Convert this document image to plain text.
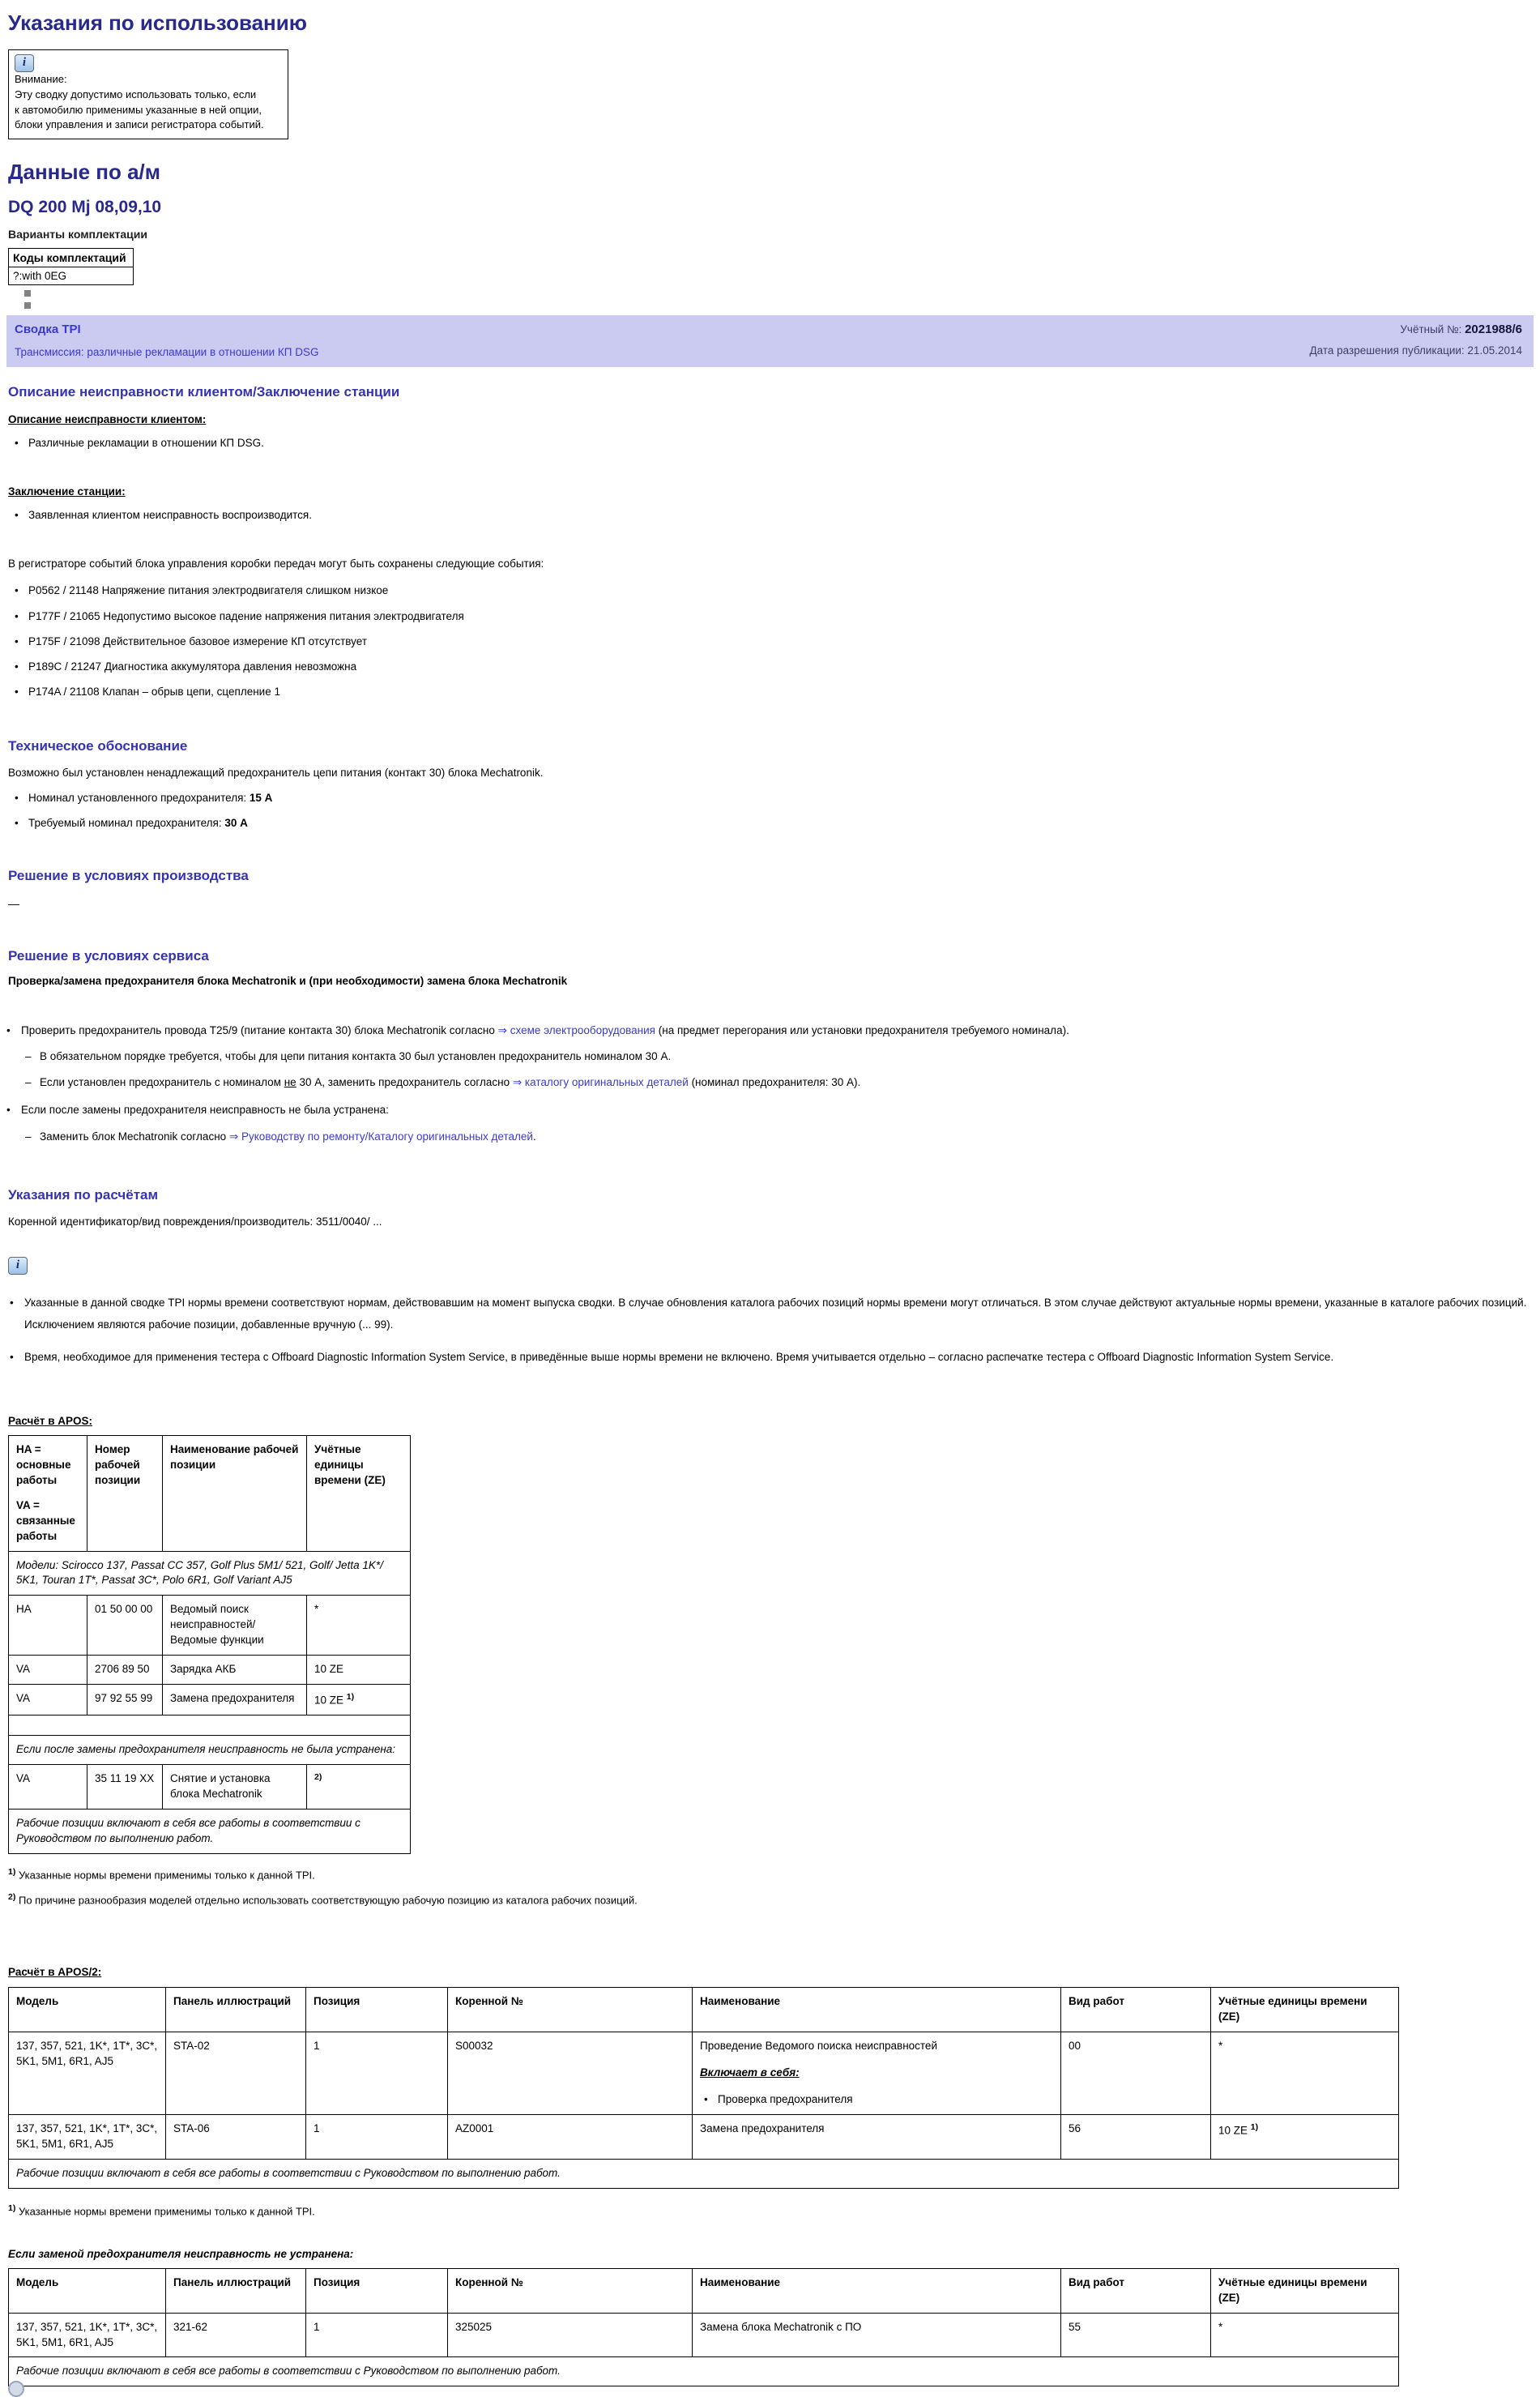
Указания по использованию
i
Внимание:
Эту сводку допустимо использовать только, если
к автомобилю применимы указанные в ней опции,
блоки управления и записи регистратора событий.
Данные по а/м
DQ 200 Mj 08,09,10
Варианты комплектации
Коды комплектаций
?:with 0EG
Сводка TPI
Трансмиссия: различные рекламации в отношении КП DSG
Учётный №: 2021988/6
Дата разрешения публикации: 21.05.2014
Описание неисправности клиентом/Заключение станции
Описание неисправности клиентом:
• Различные рекламации в отношении КП DSG.
Заключение станции:
• Заявленная клиентом неисправность воспроизводится.

В регистраторе событий блока управления коробки передач могут быть сохранены следующие события:

• P0562 / 21148 Напряжение питания электродвигателя слишком низкое
• P177F / 21065 Недопустимо высокое падение напряжения питания электродвигателя
• P175F / 21098 Действительное базовое измерение КП отсутствует
• P189C / 21247 Диагностика аккумулятора давления невозможна
• P174A / 21108 Клапан – обрыв цепи, сцепление 1
Техническое обоснование

Возможно был установлен ненадлежащий предохранитель цепи питания (контакт 30) блока Mechatronik.

• Номинал установленного предохранителя: 15 А
• Требуемый номинал предохранителя: 30 А
Решение в условиях производства

—

Решение в условиях сервиса

Проверка/замена предохранителя блока Mechatronik и (при необходимости) замена блока Mechatronik

• Проверить предохранитель провода T25/9 (питание контакта 30) блока Mechatronik согласно ⇒ схеме электрооборудования (на предмет перегорания или установки предохранителя требуемого номинала).
– В обязательном порядке требуется, чтобы для цепи питания контакта 30 был установлен предохранитель номиналом 30 А.
– Если установлен предохранитель с номиналом не 30 А, заменить предохранитель согласно ⇒ каталогу оригинальных деталей (номинал предохранителя: 30 А).
• Если после замены предохранителя неисправность не была устранена:
– Заменить блок Mechatronik согласно ⇒ Руководству по ремонту/Каталогу оригинальных деталей.
Указания по расчётам

Коренной идентификатор/вид повреждения/производитель: 3511/0040/ ...

i
• Указанные в данной сводке TPI нормы времени соответствуют нормам, действовавшим на момент выпуска сводки. В случае обновления каталога рабочих позиций нормы времени могут отличаться. В этом случае действуют актуальные нормы времени, указанные в каталоге рабочих позиций. Исключением являются рабочие позиции, добавленные вручную (... 99).
• Время, необходимое для применения тестера с Offboard Diagnostic Information System Service, в приведённые выше нормы времени не включено. Время учитывается отдельно – согласно распечатке тестера с Offboard Diagnostic Information System Service.
Расчёт в APOS:
HA = основные работы
VA = связанные работы	Номер рабочей позиции	Наименование рабочей позиции	Учётные единицы времени (ZE)
Модели: Scirocco 137, Passat CC 357, Golf Plus 5M1/ 521, Golf/ Jetta 1K*/ 5K1, Touran 1T*, Passat 3C*, Polo 6R1, Golf Variant AJ5			
HA	01 50 00 00	Ведомый поиск неисправностей/Ведомые функции	*
VA	2706 89 50	Зарядка АКБ	10 ZE
VA	97 92 55 99	Замена предохранителя	10 ZE $^{1)}$

Если после замены предохранителя неисправность не была устранена:			
VA	35 11 19 XX	Снятие и установка блока Mechatronik	$^{2)}$
Рабочие позиции включают в себя все работы в соответствии с Руководством по выполнению работ.			

$^{1)}$ Указанные нормы времени применимы только к данной TPI.

$^{2)}$ По причине разнообразия моделей отдельно использовать соответствующую рабочую позицию из каталога рабочих позиций.

Расчёт в APOS/2:
Модель	Панель иллюстраций	Позиция	Коренной №	Наименование	Вид работ	Учётные единицы времени (ZE)
137, 357, 521, 1K*, 1T*, 3C*, 5K1, 5M1, 6R1, AJ5	STA-02	1	S00032	Проведение Ведомого поиска неисправностей
Включает в себя:
• Проверка предохранителя	00	*
137, 357, 521, 1K*, 1T*, 3C*, 5K1, 5M1, 6R1, AJ5	STA-06	1	AZ0001	Замена предохранителя	56	10 ZE $^{1)}$
Рабочие позиции включают в себя все работы в соответствии с Руководством по выполнению работ.						

$^{1)}$ Указанные нормы времени применимы только к данной TPI.

Если заменой предохранителя неисправность не устранена:

Модель	Панель иллюстраций	Позиция	Коренной №	Наименование	Вид работ	Учётные единицы времени (ZE)
137, 357, 521, 1K*, 1T*, 3C*, 5K1, 5M1, 6R1, AJ5	321-62	1	325025	Замена блока Mechatronik с ПО	55	*
Рабочие позиции включают в себя все работы в соответствии с Руководством по выполнению работ.						
